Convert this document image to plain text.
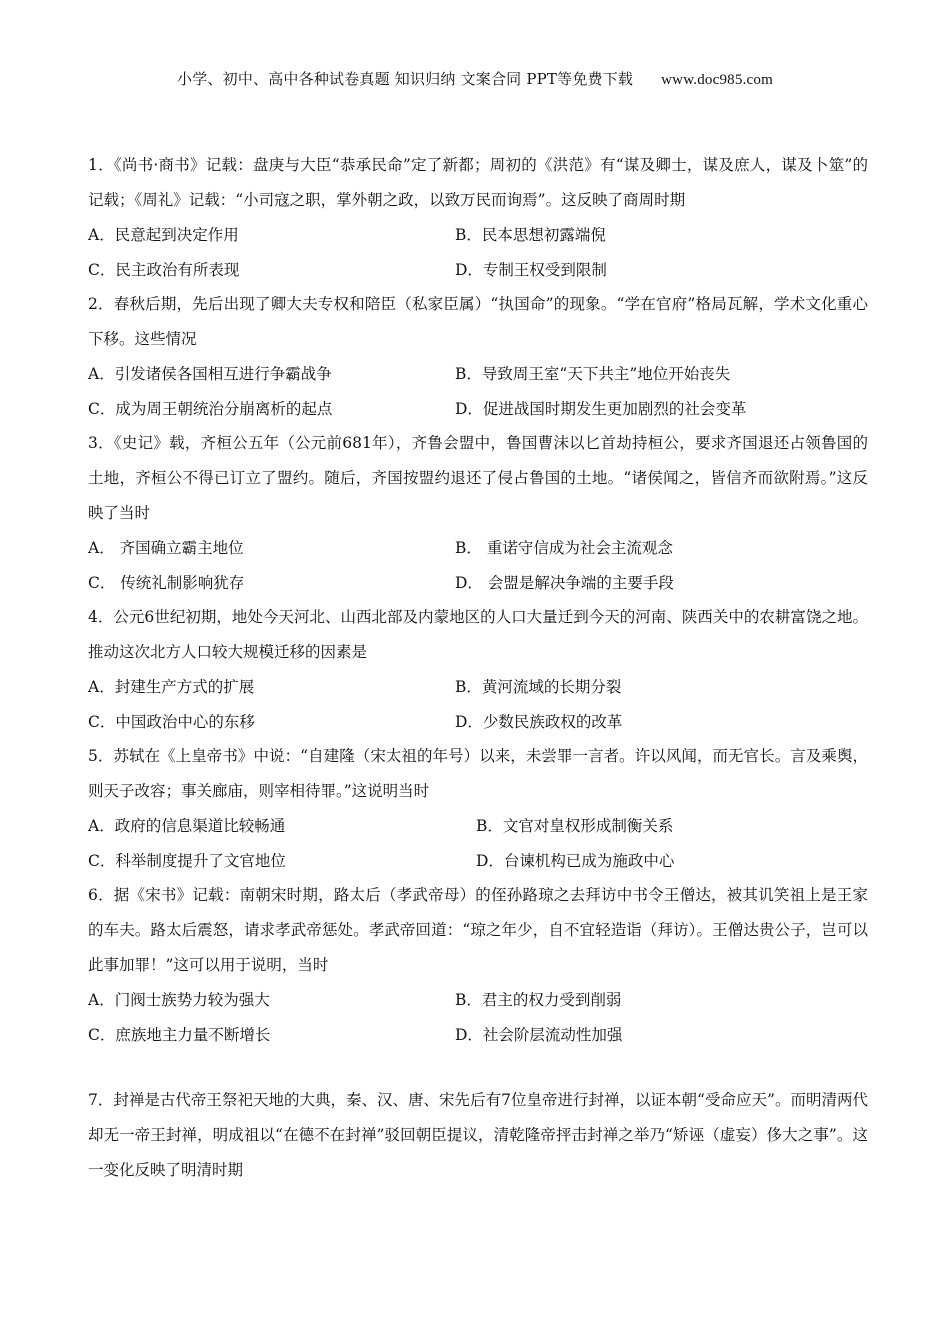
小学、初中、高中各种试卷真题 知识归纳 文案合同 PPT等免费下载 www.doc985.com

1．《尚书·商书》记载：盘庚与大臣“恭承民命”定了新都；周初的《洪范》有“谋及卿士，谋及庶人，谋及卜筮”的记载；《周礼》记载：“小司寇之职，掌外朝之政，以致万民而询焉”。这反映了商周时期

A．民意起到决定作用	B．民本思想初露端倪
C．民主政治有所表现	D．专制王权受到限制

2．春秋后期，先后出现了卿大夫专权和陪臣（私家臣属）“执国命”的现象。“学在官府”格局瓦解，学术文化重心下移。这些情况

A．引发诸侯各国相互进行争霸战争	B．导致周王室“天下共主”地位开始丧失
C．成为周王朝统治分崩离析的起点	D．促进战国时期发生更加剧烈的社会变革

3．《史记》载，齐桓公五年（公元前681年），齐鲁会盟中，鲁国曹沫以匕首劫持桓公，要求齐国退还占领鲁国的土地，齐桓公不得已订立了盟约。随后，齐国按盟约退还了侵占鲁国的土地。“诸侯闻之，皆信齐而欲附焉。”这反映了当时

A． 齐国确立霸主地位	B． 重诺守信成为社会主流观念
C． 传统礼制影响犹存	D． 会盟是解决争端的主要手段

4．公元6世纪初期，地处今天河北、山西北部及内蒙地区的人口大量迁到今天的河南、陕西关中的农耕富饶之地。推动这次北方人口较大规模迁移的因素是

A．封建生产方式的扩展	B．黄河流域的长期分裂
C．中国政治中心的东移	D．少数民族政权的改革

5．苏轼在《上皇帝书》中说：“自建隆（宋太祖的年号）以来，未尝罪一言者。许以风闻，而无官长。言及乘舆，则天子改容；事关廊庙，则宰相待罪。”这说明当时

A．政府的信息渠道比较畅通	B．文官对皇权形成制衡关系
C．科举制度提升了文官地位	D．台谏机构已成为施政中心

6．据《宋书》记载：南朝宋时期，路太后（孝武帝母）的侄孙路琼之去拜访中书令王僧达，被其讥笑祖上是王家的车夫。路太后震怒，请求孝武帝惩处。孝武帝回道：“琼之年少，自不宜轻造诣（拜访）。王僧达贵公子，岂可以此事加罪！”这可以用于说明，当时

A．门阀士族势力较为强大	B．君主的权力受到削弱
C．庶族地主力量不断增长	D．社会阶层流动性加强

7．封禅是古代帝王祭祀天地的大典，秦、汉、唐、宋先后有7位皇帝进行封禅，以证本朝“受命应天”。而明清两代却无一帝王封禅，明成祖以“在德不在封禅”驳回朝臣提议，清乾隆帝抨击封禅之举乃“矫诬（虚妄）侈大之事”。这一变化反映了明清时期
